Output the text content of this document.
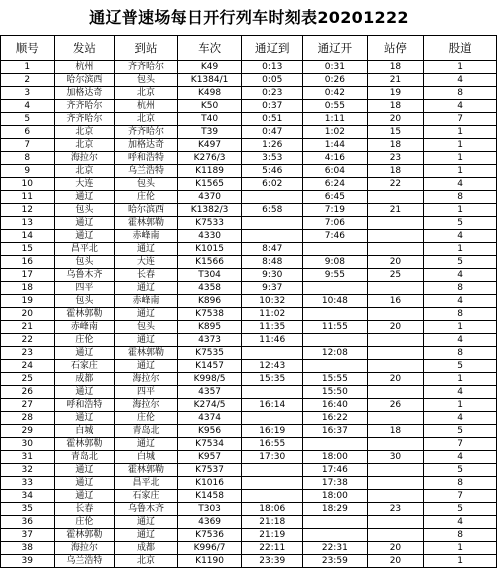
通辽普速场每日开行列车时刻表20201222
顺号	发站	到站	车次	通辽到	通辽开	站停	股道
1	杭州	齐齐哈尔	K49	0:13	0:31	18	1
2	哈尔滨西	包头	K1384/1	0:05	0:26	21	4
3	加格达奇	北京	K498	0:23	0:42	19	8
4	齐齐哈尔	杭州	K50	0:37	0:55	18	4
5	齐齐哈尔	北京	T40	0:51	1:11	20	7
6	北京	齐齐哈尔	T39	0:47	1:02	15	1
7	北京	加格达奇	K497	1:26	1:44	18	1
8	海拉尔	呼和浩特	K276/3	3:53	4:16	23	1
9	北京	乌兰浩特	K1189	5:46	6:04	18	1
10	大连	包头	K1565	6:02	6:24	22	4
11	通辽	庄伦	4370		6:45		8
12	包头	哈尔滨西	K1382/3	6:58	7:19	21	1
13	通辽	霍林郭勒	K7533		7:06		5
14	通辽	赤峰南	4330		7:46		4
15	昌平北	通辽	K1015	8:47			1
16	包头	大连	K1566	8:48	9:08	20	5
17	乌鲁木齐	长春	T304	9:30	9:55	25	4
18	四平	通辽	4358	9:37			8
19	包头	赤峰南	K896	10:32	10:48	16	4
20	霍林郭勒	通辽	K7538	11:02			8
21	赤峰南	包头	K895	11:35	11:55	20	1
22	庄伦	通辽	4373	11:46			4
23	通辽	霍林郭勒	K7535		12:08		8
24	石家庄	通辽	K1457	12:43			5
25	成都	海拉尔	K998/5	15:35	15:55	20	1
26	通辽	四平	4357		15:50		4
27	呼和浩特	海拉尔	K274/5	16:14	16:40	26	1
28	通辽	庄伦	4374		16:22		4
29	白城	青岛北	K956	16:19	16:37	18	5
30	霍林郭勒	通辽	K7534	16:55			7
31	青岛北	白城	K957	17:30	18:00	30	4
32	通辽	霍林郭勒	K7537		17:46		5
33	通辽	昌平北	K1016		17:38		8
34	通辽	石家庄	K1458		18:00		7
35	长春	乌鲁木齐	T303	18:06	18:29	23	5
36	庄伦	通辽	4369	21:18			4
37	霍林郭勒	通辽	K7536	21:19			8
38	海拉尔	成都	K996/7	22:11	22:31	20	1
39	乌兰浩特	北京	K1190	23:39	23:59	20	1
